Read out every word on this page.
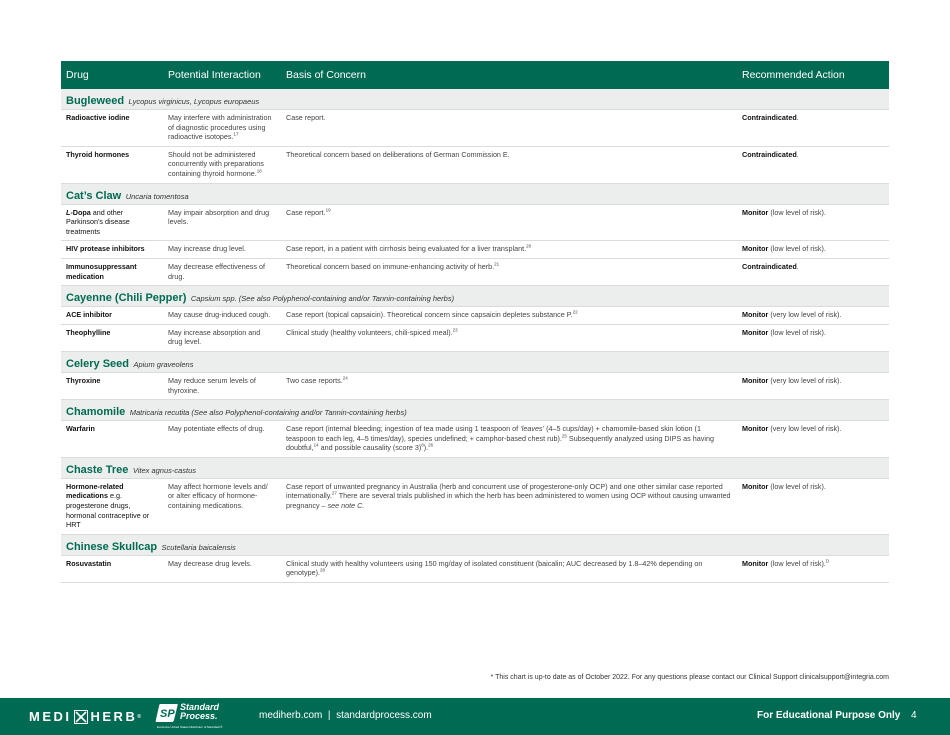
Drug	Potential Interaction	Basis of Concern	Recommended Action
Bugleweed Lycopus virginicus, Lycopus europaeus			
Radioactive iodine	May interfere with administration of diagnostic procedures using radioactive isotopes.$^{17}$	Case report.	Contraindicated.
Thyroid hormones	Should not be administered concurrently with preparations containing thyroid hormone.$^{18}$	Theoretical concern based on deliberations of German Commission E.	Contraindicated.
Cat’s Claw Uncaria tomentosa			
L-Dopa and other Parkinson’s disease treatments	May impair absorption and drug levels.	Case report.$^{19}$	Monitor (low level of risk).
HIV protease inhibitors	May increase drug level.	Case report, in a patient with cirrhosis being evaluated for a liver transplant.$^{20}$	Monitor (low level of risk).
Immunosuppressant medication	May decrease effectiveness of drug.	Theoretical concern based on immune-enhancing activity of herb.$^{21}$	Contraindicated.
Cayenne (Chili Pepper) Capsium spp. (See also Polyphenol-containing and/or Tannin-containing herbs)			
ACE inhibitor	May cause drug-induced cough.	Case report (topical capsaicin). Theoretical concern since capsaicin depletes substance P.$^{22}$	Monitor (very low level of risk).
Theophylline	May increase absorption and drug level.	Clinical study (healthy volunteers, chili-spiced meal).$^{23}$	Monitor (low level of risk).
Celery Seed Apium graveolens			
Thyroxine	May reduce serum levels of thyroxine.	Two case reports.$^{24}$	Monitor (very low level of risk).
Chamomile Matricaria recutita (See also Polyphenol-containing and/or Tannin-containing herbs)			
Warfarin	May potentiate effects of drug.	Case report (internal bleeding; ingestion of tea made using 1 teaspoon of ‘leaves’ (4–5 cups/day) + chamomile-based skin lotion (1 teaspoon to each leg, 4–5 times/day), species undefined; + camphor-based chest rub).$^{25}$ Subsequently analyzed using DIPS as having doubtful,$^{14}$ and possible causality (score 3)$^8$).$^{26}$	Monitor (very low level of risk).
Chaste Tree Vitex agnus-castus			
Hormone-related medications e.g. progesterone drugs, hormonal contraceptive or HRT	May affect hormone levels and/ or alter efficacy of hormone-containing medications.	Case report of unwanted pregnancy in Australia (herb and concurrent use of progesterone-only OCP) and one other similar case reported internationally.$^{27}$ There are several trials published in which the herb has been administered to women using OCP without causing unwanted pregnancy – see note C.	Monitor (low level of risk).
Chinese Skullcap Scutellaria baicalensis			
Rosuvastatin	May decrease drug levels.	Clinical study with healthy volunteers using 150 mg/day of isolated constituent (baicalin; AUC decreased by 1.8–42% depending on genotype).$^{28}$	Monitor (low level of risk).$^D$
* This chart is up-to date as of October 2022. For any questions please contact our Clinical Support clinicalsupport@integria.com
MEDI HERB ® SP
Standard
Process.
Exclusive United States Distributor of MediHerb®
mediherb.com  |  standardprocess.com	For Educational Purpose Only 4
